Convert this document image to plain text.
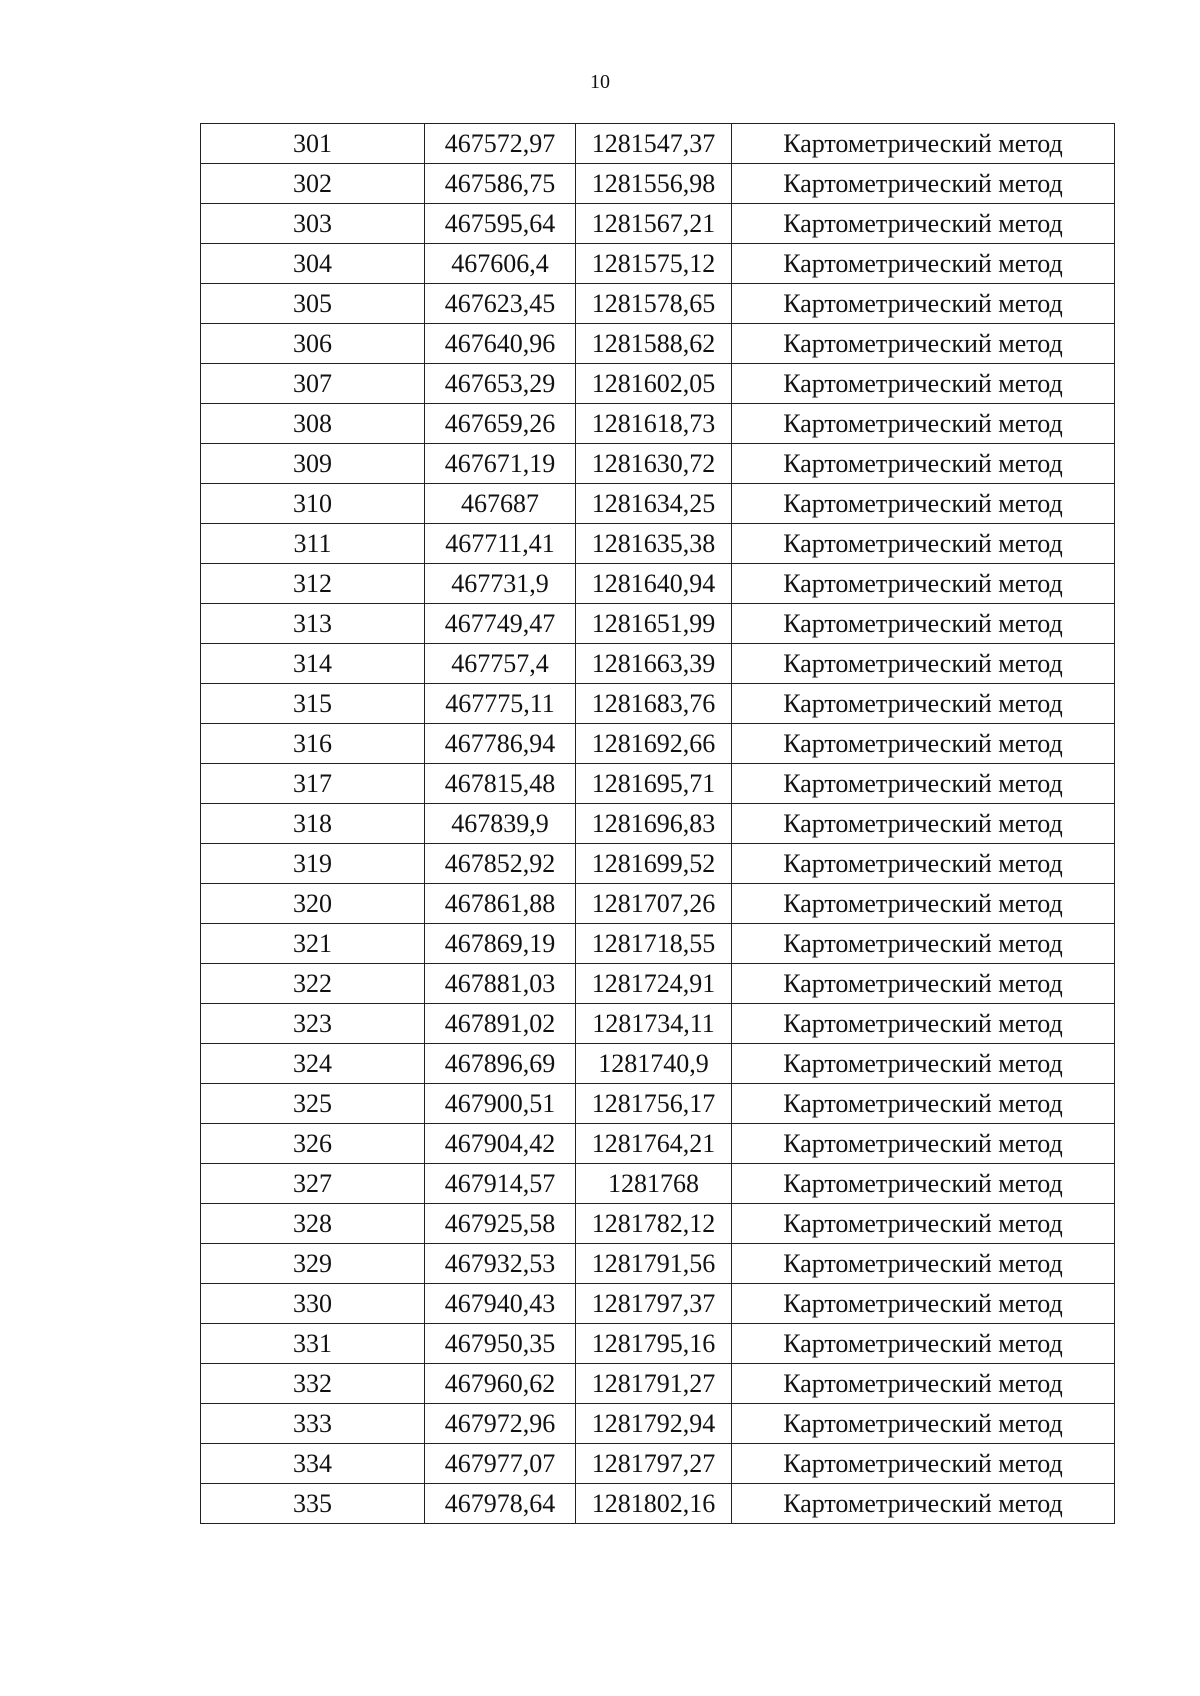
10
301	467572,97	1281547,37	Картометрический метод
302	467586,75	1281556,98	Картометрический метод
303	467595,64	1281567,21	Картометрический метод
304	467606,4	1281575,12	Картометрический метод
305	467623,45	1281578,65	Картометрический метод
306	467640,96	1281588,62	Картометрический метод
307	467653,29	1281602,05	Картометрический метод
308	467659,26	1281618,73	Картометрический метод
309	467671,19	1281630,72	Картометрический метод
310	467687	1281634,25	Картометрический метод
311	467711,41	1281635,38	Картометрический метод
312	467731,9	1281640,94	Картометрический метод
313	467749,47	1281651,99	Картометрический метод
314	467757,4	1281663,39	Картометрический метод
315	467775,11	1281683,76	Картометрический метод
316	467786,94	1281692,66	Картометрический метод
317	467815,48	1281695,71	Картометрический метод
318	467839,9	1281696,83	Картометрический метод
319	467852,92	1281699,52	Картометрический метод
320	467861,88	1281707,26	Картометрический метод
321	467869,19	1281718,55	Картометрический метод
322	467881,03	1281724,91	Картометрический метод
323	467891,02	1281734,11	Картометрический метод
324	467896,69	1281740,9	Картометрический метод
325	467900,51	1281756,17	Картометрический метод
326	467904,42	1281764,21	Картометрический метод
327	467914,57	1281768	Картометрический метод
328	467925,58	1281782,12	Картометрический метод
329	467932,53	1281791,56	Картометрический метод
330	467940,43	1281797,37	Картометрический метод
331	467950,35	1281795,16	Картометрический метод
332	467960,62	1281791,27	Картометрический метод
333	467972,96	1281792,94	Картометрический метод
334	467977,07	1281797,27	Картометрический метод
335	467978,64	1281802,16	Картометрический метод
